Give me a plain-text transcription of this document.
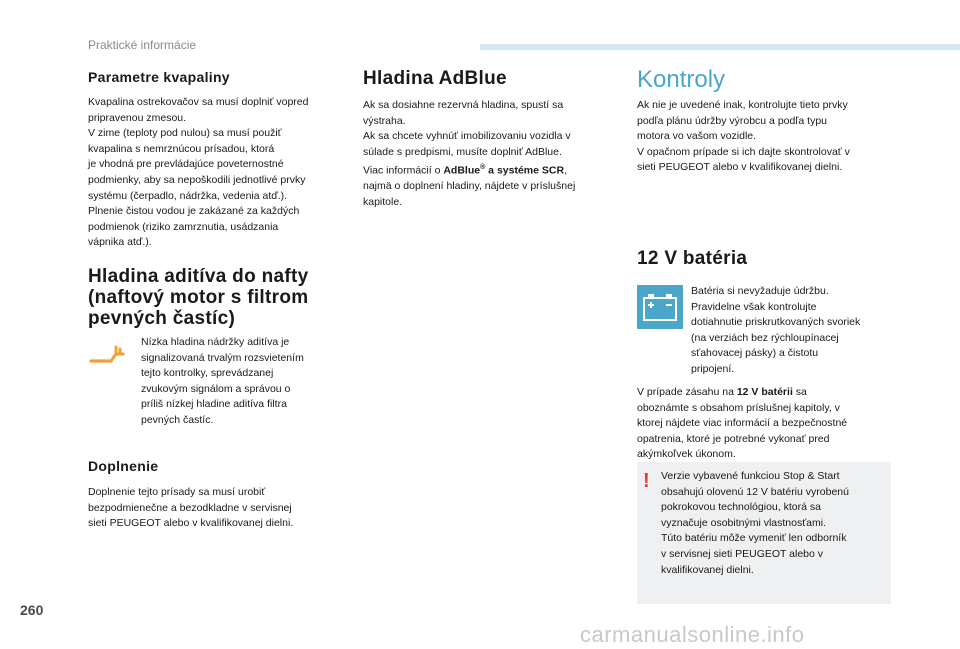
Praktické informácie
Parametre kvapaliny
Kvapalina ostrekovačov sa musí doplniť vopred
pripravenou zmesou.
V zime (teploty pod nulou) sa musí použiť
kvapalina s nemrznúcou prísadou, ktorá
je vhodná pre prevládajúce poveternostné
podmienky, aby sa nepoškodili jednotlivé prvky
systému (čerpadlo, nádržka, vedenia atď.).
Plnenie čistou vodou je zakázané za každých
podmienok (riziko zamrznutia, usádzania
vápnika atď.).
Hladina aditíva do nafty
(naftový motor s filtrom
pevných častíc)
Nízka hladina nádržky aditíva je
signalizovaná trvalým rozsvietením
tejto kontrolky, sprevádzanej
zvukovým signálom a správou o
príliš nízkej hladine aditíva filtra
pevných častíc.
Doplnenie
Doplnenie tejto prísady sa musí urobiť
bezpodmienečne a bezodkladne v servisnej
sieti PEUGEOT alebo v kvalifikovanej dielni.
Hladina AdBlue
Ak sa dosiahne rezervná hladina, spustí sa
výstraha.
Ak sa chcete vyhnúť imobilizovaniu vozidla v
súlade s predpismi, musíte doplniť AdBlue.
Viac informácií o AdBlue® a systéme SCR,
najmä o doplnení hladiny, nájdete v príslušnej
kapitole.
Kontroly
Ak nie je uvedené inak, kontrolujte tieto prvky
podľa plánu údržby výrobcu a podľa typu
motora vo vašom vozidle.
V opačnom prípade si ich dajte skontrolovať v
sieti PEUGEOT alebo v kvalifikovanej dielni.
12 V batéria
Batéria si nevyžaduje údržbu.
Pravidelne však kontrolujte
dotiahnutie priskrutkovaných svoriek
(na verziách bez rýchloupínacej
sťahovacej pásky) a čistotu
pripojení.
V prípade zásahu na 12 V batérii sa
oboznámte s obsahom príslušnej kapitoly, v
ktorej nájdete viac informácií a bezpečnostné
opatrenia, ktoré je potrebné vykonať pred
akýmkoľvek úkonom.
! Verzie vybavené funkciou Stop & Start
obsahujú olovenú 12 V batériu vyrobenú
pokrokovou technológiou, ktorá sa
vyznačuje osobitnými vlastnosťami.
Túto batériu môže vymeniť len odborník
v servisnej sieti PEUGEOT alebo v
kvalifikovanej dielni.
260
carmanualsonline.info
